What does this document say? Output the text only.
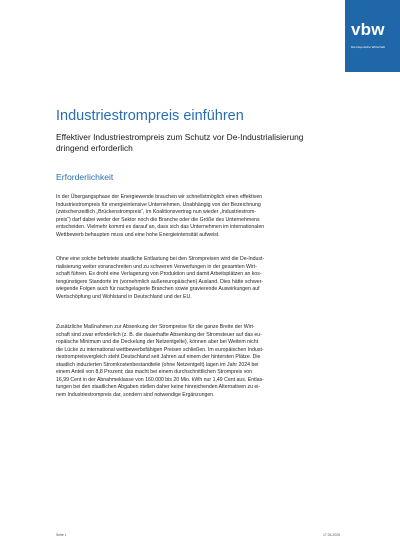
vbw
Die bayerische Wirtschaft
Industriestrompreis einführen
Effektiver Industriestrompreis zum Schutz vor De-Industrialisierung
dringend erforderlich
Erforderlichkeit
In der Übergangsphase der Energiewende brauchen wir schnellstmöglich einen effektiven
Industriestrompreis für energieintensive Unternehmen. Unabhängig von der Bezeichnung
(zwischenzeitlich „Brückenstrompreis“, im Koalitionsvertrag nun wieder „Industriestrom-
preis“) darf dabei weder der Sektor noch die Branche oder die Größe des Unternehmens
entscheiden. Vielmehr kommt es darauf an, dass sich das Unternehmen im internationalen
Wettbewerb behaupten muss und eine hohe Energieintensität aufweist.
Ohne eine solche befristete staatliche Entlastung bei den Strompreisen wird die De-Indust-
rialisierung weiter voranschreiten und zu schweren Verwerfungen in der gesamten Wirt-
schaft führen. Es droht eine Verlagerung von Produktion und damit Arbeitsplätzen an kos-
tengünstigere Standorte im (vornehmlich außereuropäischen) Ausland. Dies hätte schwer-
wiegende Folgen auch für nachgelagerte Branchen sowie gravierende Auswirkungen auf
Wertschöpfung und Wohlstand in Deutschland und der EU.
Zusätzliche Maßnahmen zur Absenkung der Strompreise für die ganze Breite der Wirt-
schaft sind zwar erforderlich (z. B. die dauerhafte Absenkung der Stromsteuer auf das eu-
ropäische Minimum und die Deckelung der Netzentgelte), können aber bei Weitem nicht
die Lücke zu international wettbewerbsfähigen Preisen schließen. Im europäischen Indust-
riestrompreisvergleich steht Deutschland seit Jahren auf einem der hintersten Plätze. Die
staatlich induzierten Stromkostenbestandteile (ohne Netzentgelt) lagen im Jahr 2024 bei
einem Anteil von 8,8 Prozent; das macht bei einem durchschnittlichen Strompreis von
16,99 Cent in der Abnahmeklasse von 160.000 bis 20 Mio. kWh nur 1,49 Cent aus. Entlas-
tungen bei den staatlichen Abgaben stellen daher keine hinreichenden Alternativen zu ei-
nem Industriestrompreis dar, sondern sind notwendige Ergänzungen.
Seite 1	17.04.2025
